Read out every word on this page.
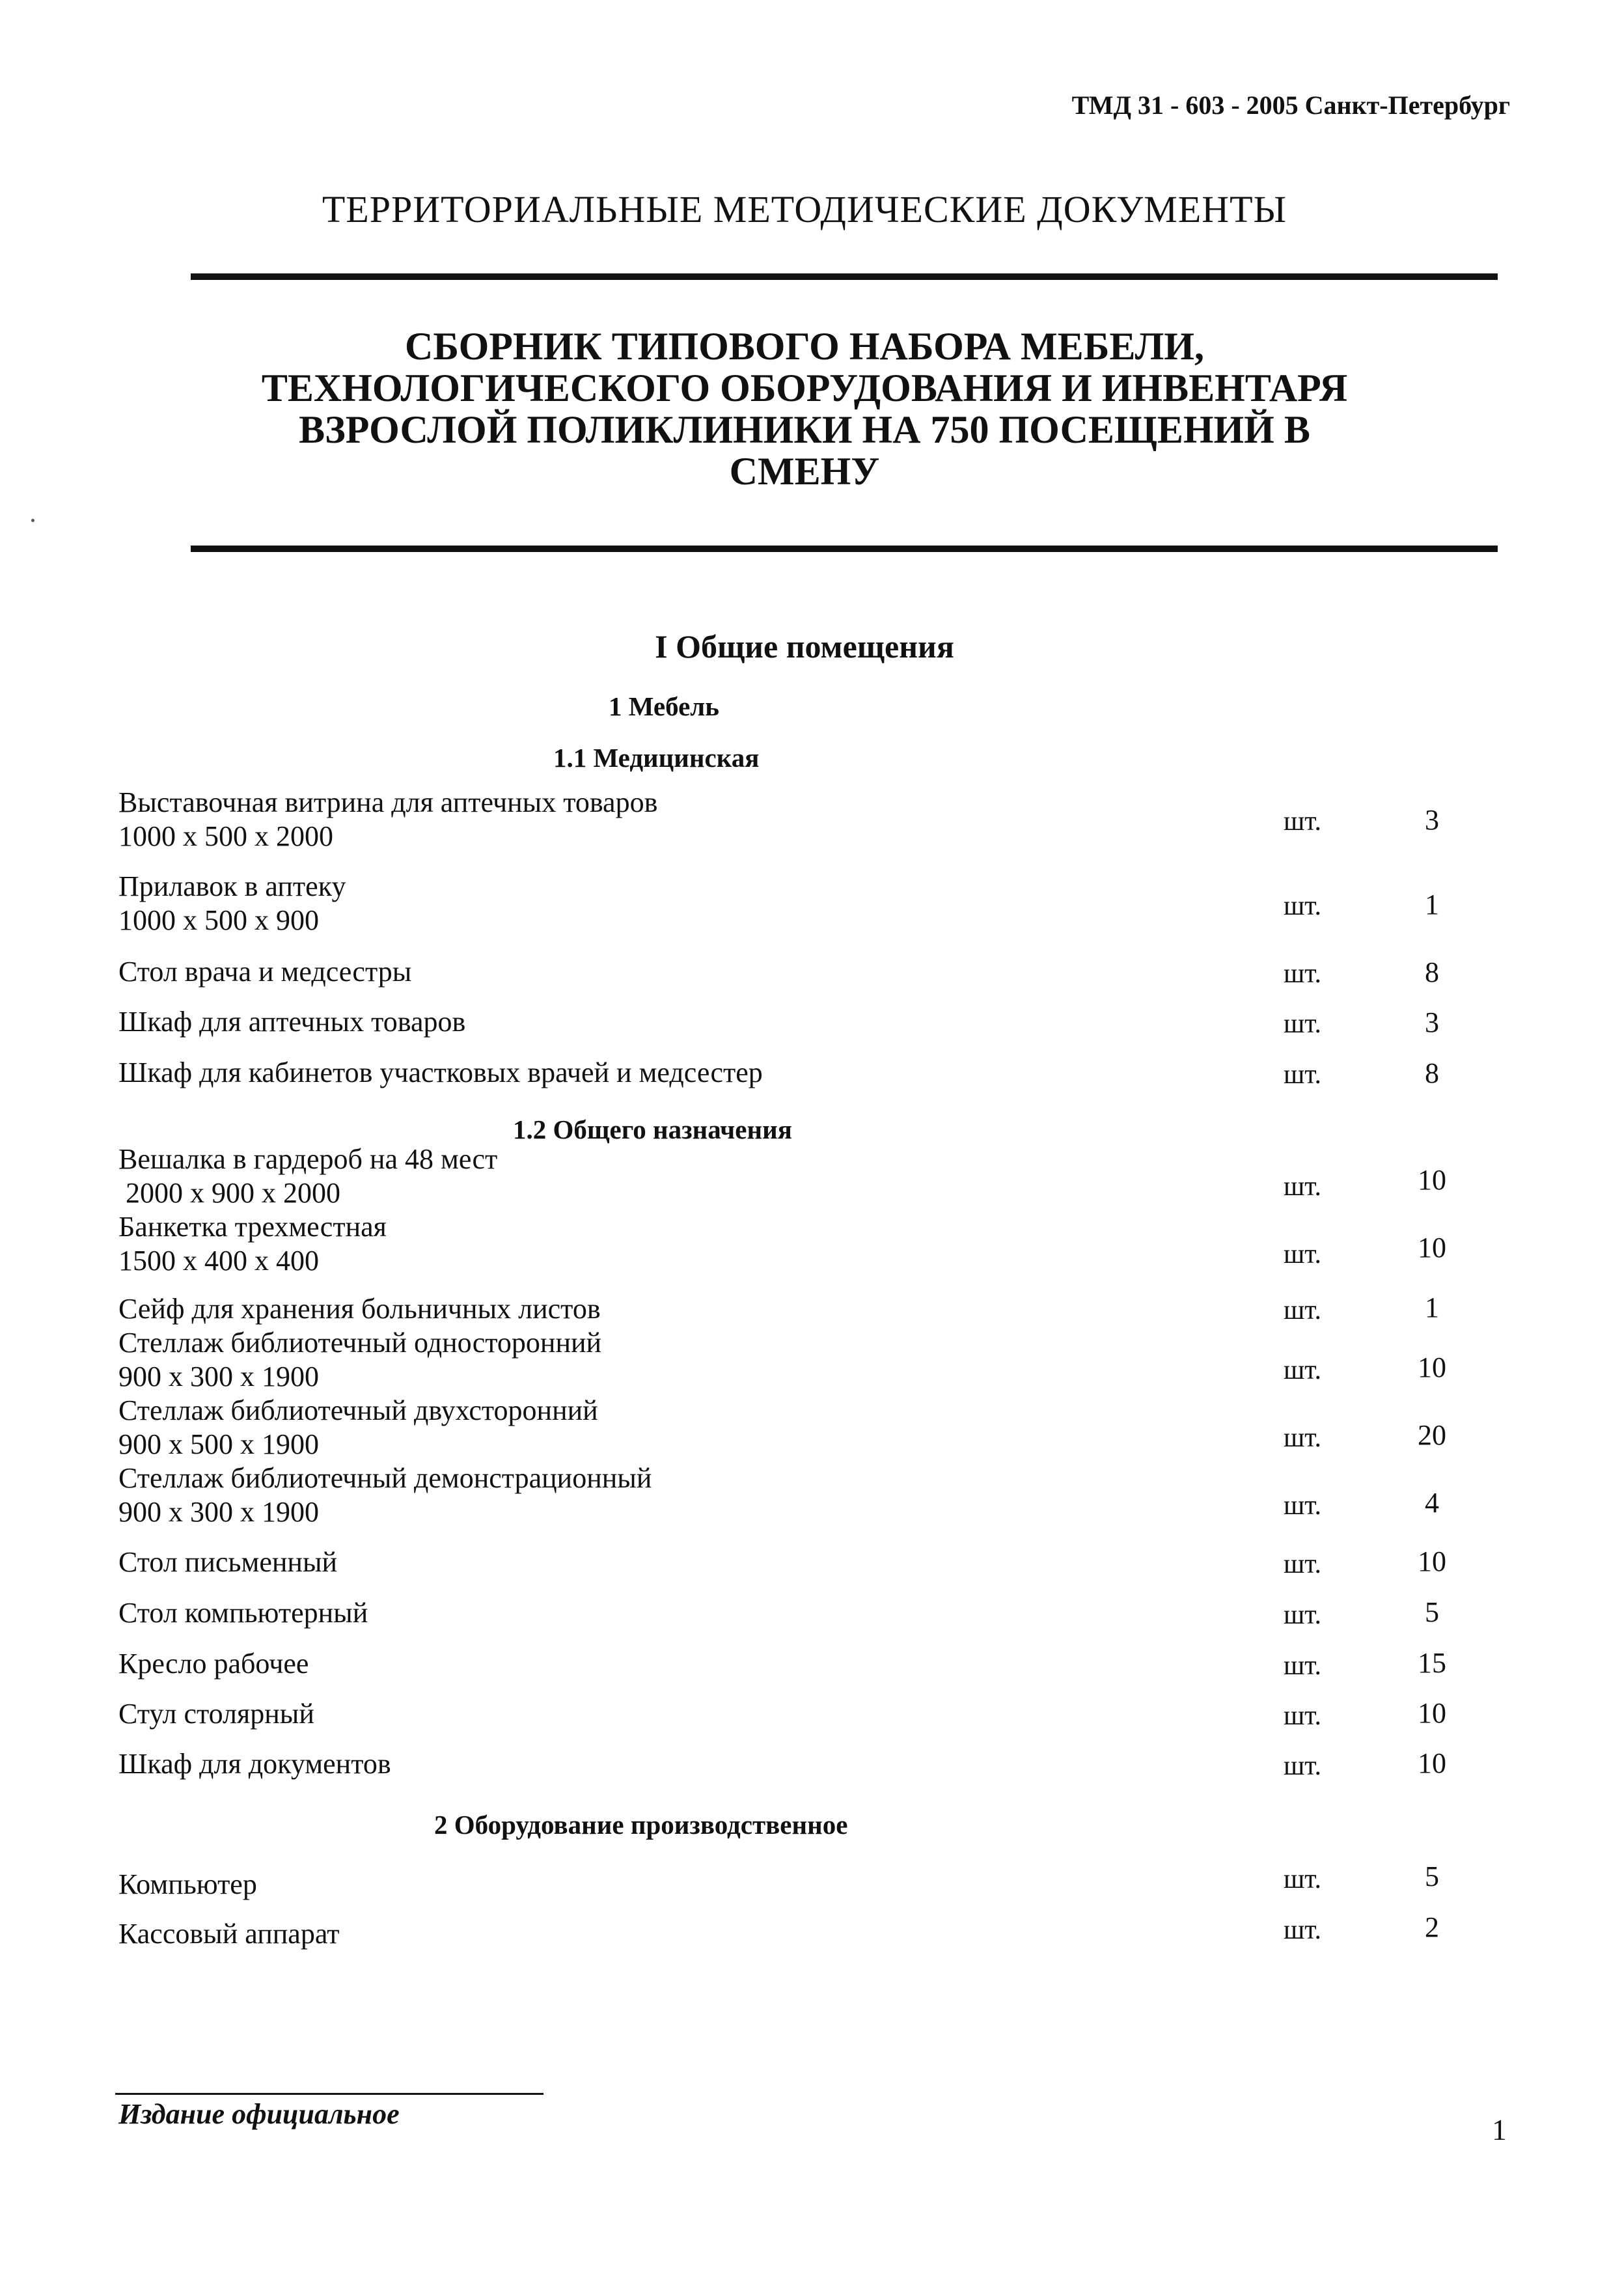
ТМД 31 - 603 - 2005 Санкт-Петербург
ТЕРРИТОРИАЛЬНЫЕ МЕТОДИЧЕСКИЕ ДОКУМЕНТЫ
СБОРНИК ТИПОВОГО НАБОРА МЕБЕЛИ,
ТЕХНОЛОГИЧЕСКОГО ОБОРУДОВАНИЯ И ИНВЕНТАРЯ
ВЗРОСЛОЙ ПОЛИКЛИНИКИ НА 750 ПОСЕЩЕНИЙ В
СМЕНУ
I Общие помещения
1 Мебель
1.1 Медицинская
1.2 Общего назначения
2 Оборудование производственное
Выставочная витрина для аптечных товаров
1000 x 500 x 2000	шт.	3
Прилавок в аптеку
1000 x 500 x 900	шт.	1
Стол врача и медсестры	шт.	8
Шкаф для аптечных товаров	шт.	3
Шкаф для кабинетов участковых врачей и медсестер	шт.	8
Вешалка в гардероб на 48 мест
2000 x 900 x 2000	шт.	10
Банкетка трехместная
1500 x 400 x 400	шт.	10
Сейф для хранения больничных листов	шт.	1
Стеллаж библиотечный односторонний
900 x 300 x 1900	шт.	10
Стеллаж библиотечный двухсторонний
900 x 500 x 1900	шт.	20
Стеллаж библиотечный демонстрационный
900 x 300 x 1900	шт.	4
Стол письменный	шт.	10
Стол компьютерный	шт.	5
Кресло рабочее	шт.	15
Стул столярный	шт.	10
Шкаф для документов	шт.	10
Компьютер	шт.	5
Кассовый аппарат	шт.	2
Издание официальное	1
